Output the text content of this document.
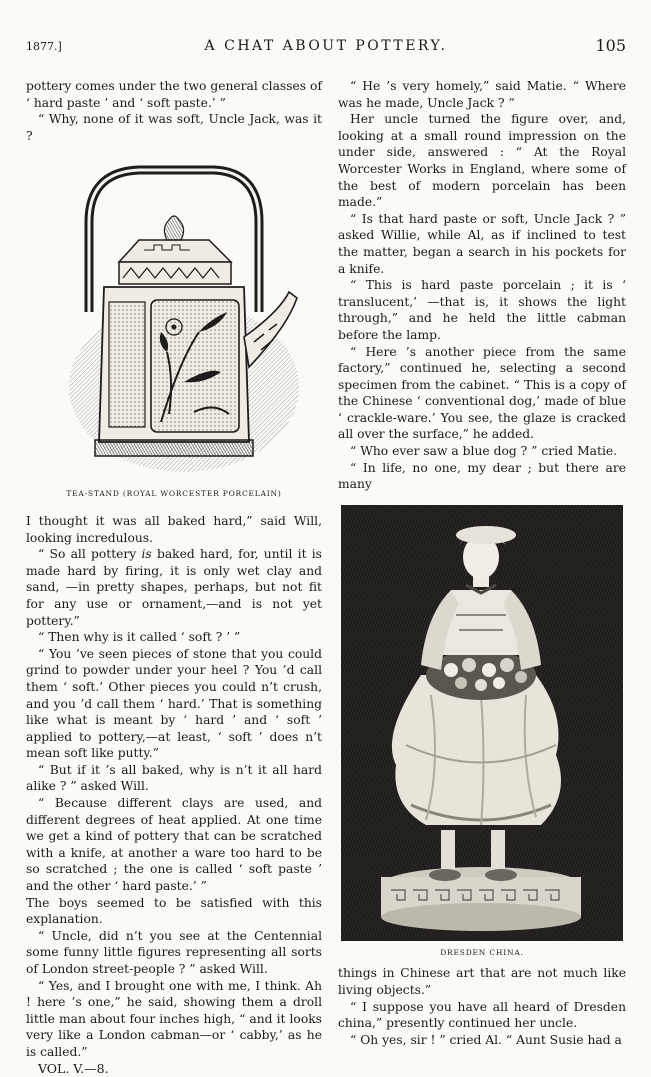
1877.]	A CHAT ABOUT POTTERY.	105

pottery comes under the two general classes of ‘ hard paste ’ and ‘ soft paste.’ ”

“ Why, none of it was soft, Uncle Jack, was it ?

TEA-STAND (ROYAL WORCESTER PORCELAIN)

I thought it was all baked hard,” said Will, looking incredulous.

“ So all pottery is baked hard, for, until it is made hard by firing, it is only wet clay and sand, —in pretty shapes, perhaps, but not fit for any use or ornament,—and is not yet pottery.”

“ Then why is it called ‘ soft ? ’ ”

“ You ’ve seen pieces of stone that you could grind to powder under your heel ? You ’d call them ‘ soft.’ Other pieces you could n’t crush, and you ’d call them ‘ hard.’ That is something like what is meant by ‘ hard ’ and ‘ soft ’ applied to pottery,—at least, ‘ soft ’ does n’t mean soft like putty.”

“ But if it ’s all baked, why is n’t it all hard alike ? ” asked Will.

“ Because different clays are used, and different degrees of heat applied. At one time we get a kind of pottery that can be scratched with a knife, at another a ware too hard to be so scratched ; the one is called ‘ soft paste ’ and the other ‘ hard paste.’ ”

The boys seemed to be satisfied with this explanation.

“ Uncle, did n’t you see at the Centennial some funny little figures representing all sorts of London street-people ? ” asked Will.

“ Yes, and I brought one with me, I think. Ah ! here ’s one,” he said, showing them a droll little man about four inches high, “ and it looks very like a London cabman—or ‘ cabby,’ as he is called.”

VOL. V.—8.

“ He ’s very homely,” said Matie. “ Where was he made, Uncle Jack ? ”

Her uncle turned the figure over, and, looking at a small round impression on the under side, answered : “ At the Royal Worcester Works in England, where some of the best of modern porcelain has been made.”

“ Is that hard paste or soft, Uncle Jack ? ” asked Willie, while Al, as if inclined to test the matter, began a search in his pockets for a knife.

“ This is hard paste porcelain ; it is ‘ translucent,’ —that is, it shows the light through,” and he held the little cabman before the lamp.

“ Here ’s another piece from the same factory,” continued he, selecting a second specimen from the cabinet. “ This is a copy of the Chinese ‘ conventional dog,’ made of blue ‘ crackle-ware.’ You see, the glaze is cracked all over the surface,” he added.

“ Who ever saw a blue dog ? ” cried Matie.

“ In life, no one, my dear ; but there are many

DRESDEN CHINA.

things in Chinese art that are not much like living objects.”

“ I suppose you have all heard of Dresden china,” presently continued her uncle.

“ Oh yes, sir ! ” cried Al. “ Aunt Susie had a
